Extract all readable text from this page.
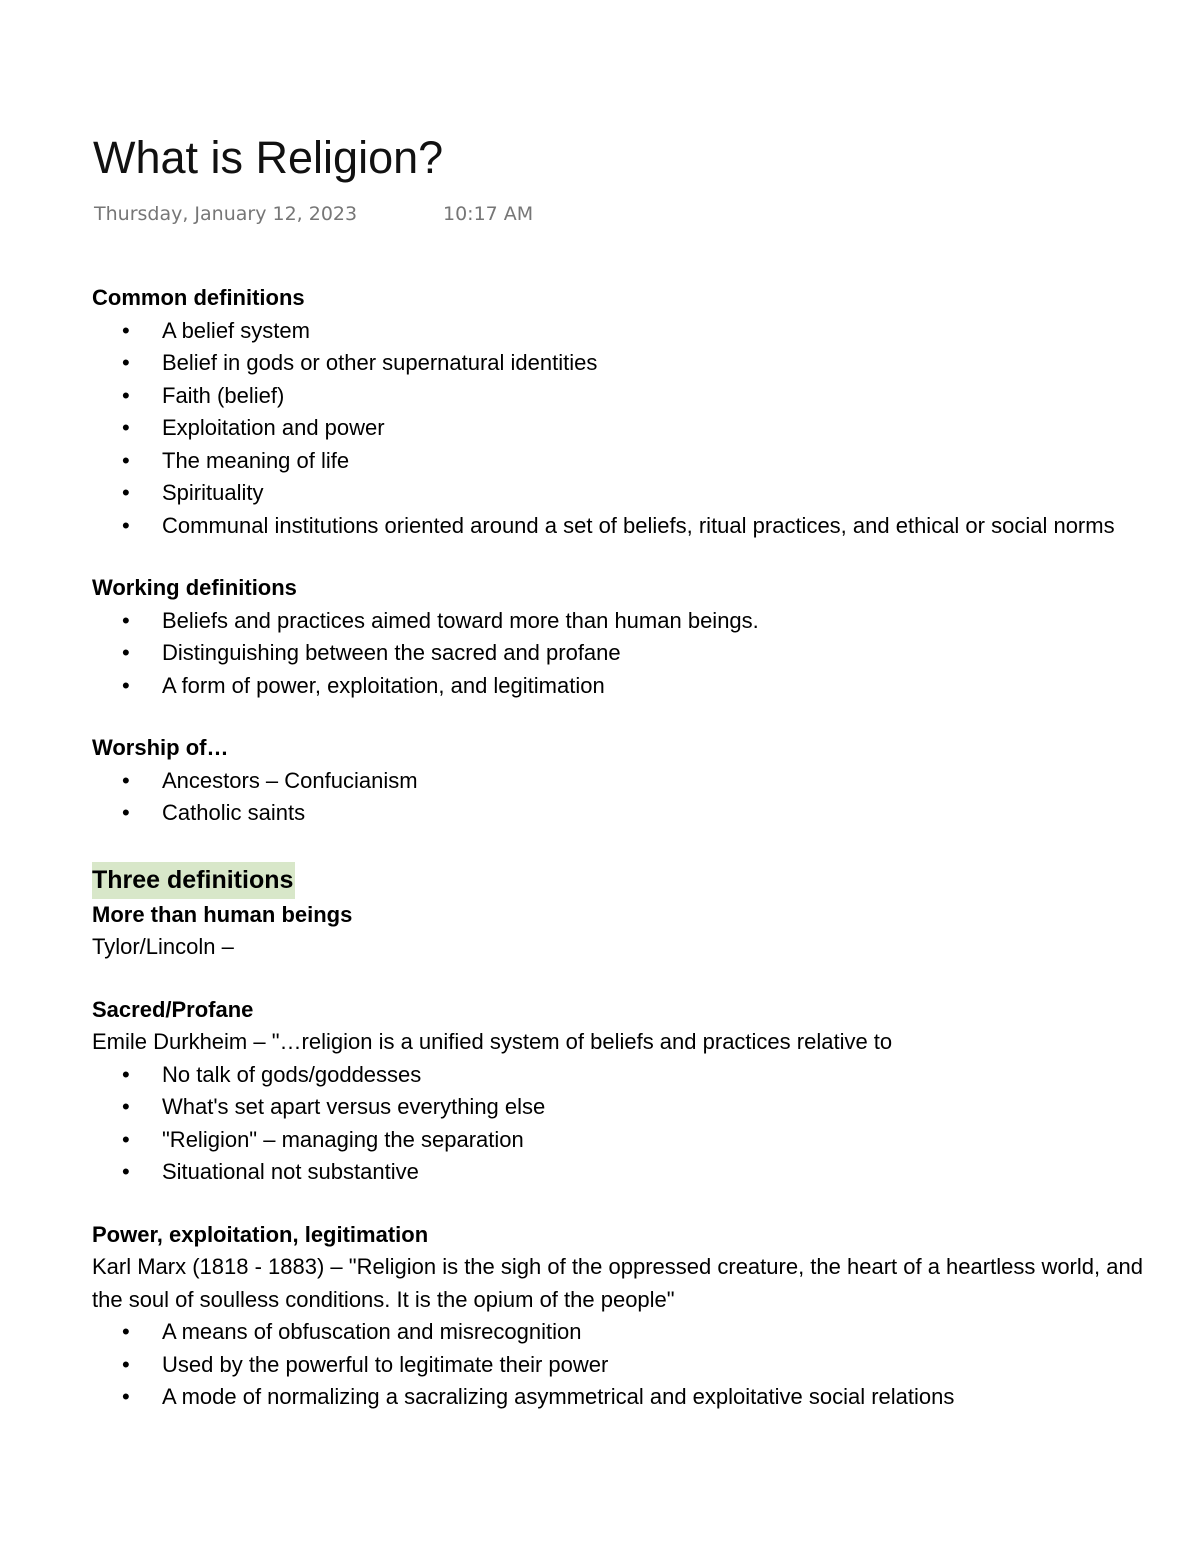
What is Religion?
Thursday, January 12, 2023	10:17 AM

Common definitions

• A belief system
• Belief in gods or other supernatural identities
• Faith (belief)
• Exploitation and power
• The meaning of life
• Spirituality
• Communal institutions oriented around a set of beliefs, ritual practices, and ethical or social norms

Working definitions

• Beliefs and practices aimed toward more than human beings.
• Distinguishing between the sacred and profane
• A form of power, exploitation, and legitimation

Worship of…

• Ancestors – Confucianism
• Catholic saints
Three definitions

More than human beings

Tylor/Lincoln –

Sacred/Profane

Emile Durkheim – "…religion is a unified system of beliefs and practices relative to

• No talk of gods/goddesses
• What's set apart versus everything else
• "Religion" – managing the separation
• Situational not substantive

Power, exploitation, legitimation

Karl Marx (1818 - 1883) – "Religion is the sigh of the oppressed creature, the heart of a heartless world, and the soul of soulless conditions. It is the opium of the people"

• A means of obfuscation and misrecognition
• Used by the powerful to legitimate their power
• A mode of normalizing a sacralizing asymmetrical and exploitative social relations
